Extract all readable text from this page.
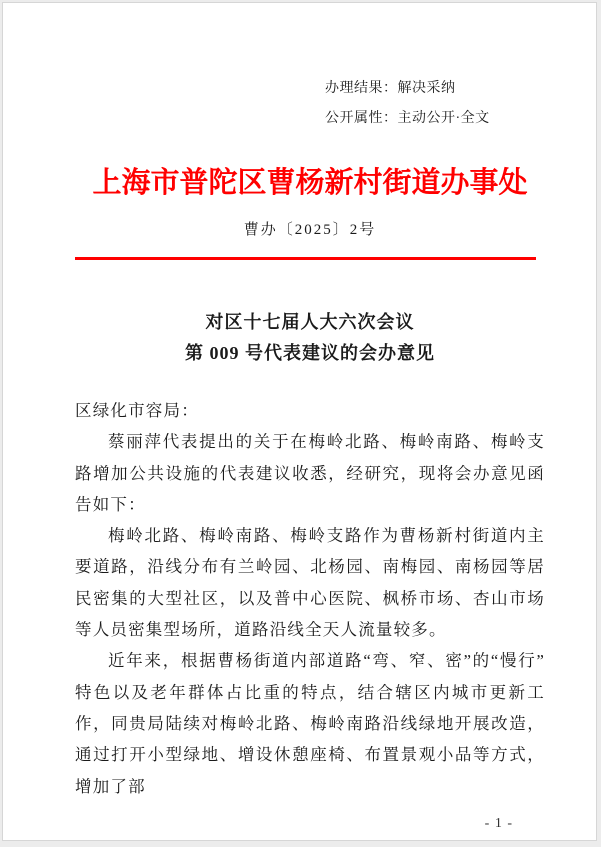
办理结果：解决采纳
公开属性：主动公开·全文
上海市普陀区曹杨新村街道办事处
曹办〔2025〕2号
对区十七届人大六次会议
第 009 号代表建议的会办意见

区绿化市容局：

蔡丽萍代表提出的关于在梅岭北路、梅岭南路、梅岭支路增加公共设施的代表建议收悉，经研究，现将会办意见函告如下：

梅岭北路、梅岭南路、梅岭支路作为曹杨新村街道内主要道路，沿线分布有兰岭园、北杨园、南梅园、南杨园等居民密集的大型社区，以及普中心医院、枫桥市场、杏山市场等人员密集型场所，道路沿线全天人流量较多。

近年来，根据曹杨街道内部道路“弯、窄、密”的“慢行”特色以及老年群体占比重的特点，结合辖区内城市更新工作，同贵局陆续对梅岭北路、梅岭南路沿线绿地开展改造，通过打开小型绿地、增设休憩座椅、布置景观小品等方式，增加了部

- 1 -
